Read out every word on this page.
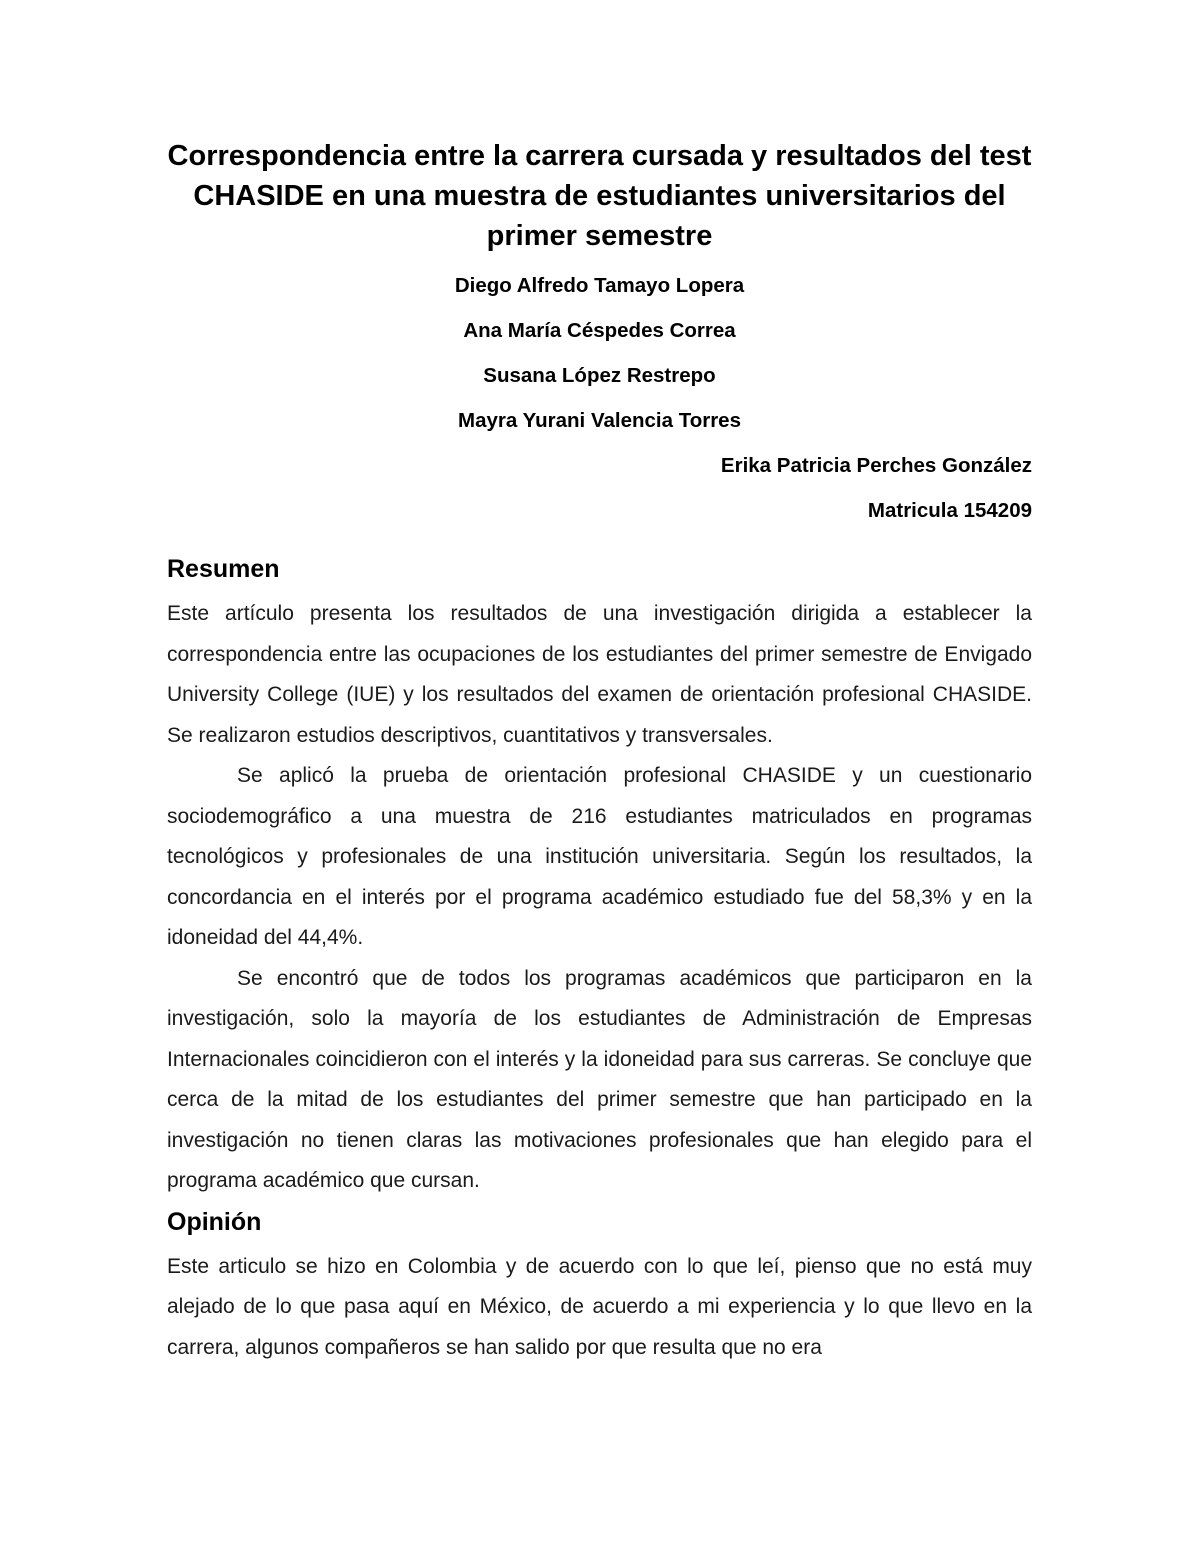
Correspondencia entre la carrera cursada y resultados del test CHASIDE en una muestra de estudiantes universitarios del primer semestre

Diego Alfredo Tamayo Lopera

Ana María Céspedes Correa

Susana López Restrepo

Mayra Yurani Valencia Torres

Erika Patricia Perches González

Matricula 154209

Resumen

Este artículo presenta los resultados de una investigación dirigida a establecer la correspondencia entre las ocupaciones de los estudiantes del primer semestre de Envigado University College (IUE) y los resultados del examen de orientación profesional CHASIDE. Se realizaron estudios descriptivos, cuantitativos y transversales.

Se aplicó la prueba de orientación profesional CHASIDE y un cuestionario sociodemográfico a una muestra de 216 estudiantes matriculados en programas tecnológicos y profesionales de una institución universitaria. Según los resultados, la concordancia en el interés por el programa académico estudiado fue del 58,3% y en la idoneidad del 44,4%.

Se encontró que de todos los programas académicos que participaron en la investigación, solo la mayoría de los estudiantes de Administración de Empresas Internacionales coincidieron con el interés y la idoneidad para sus carreras. Se concluye que cerca de la mitad de los estudiantes del primer semestre que han participado en la investigación no tienen claras las motivaciones profesionales que han elegido para el programa académico que cursan.

Opinión

Este articulo se hizo en Colombia y de acuerdo con lo que leí, pienso que no está muy alejado de lo que pasa aquí en México, de acuerdo a mi experiencia y lo que llevo en la carrera, algunos compañeros se han salido por que resulta que no era
